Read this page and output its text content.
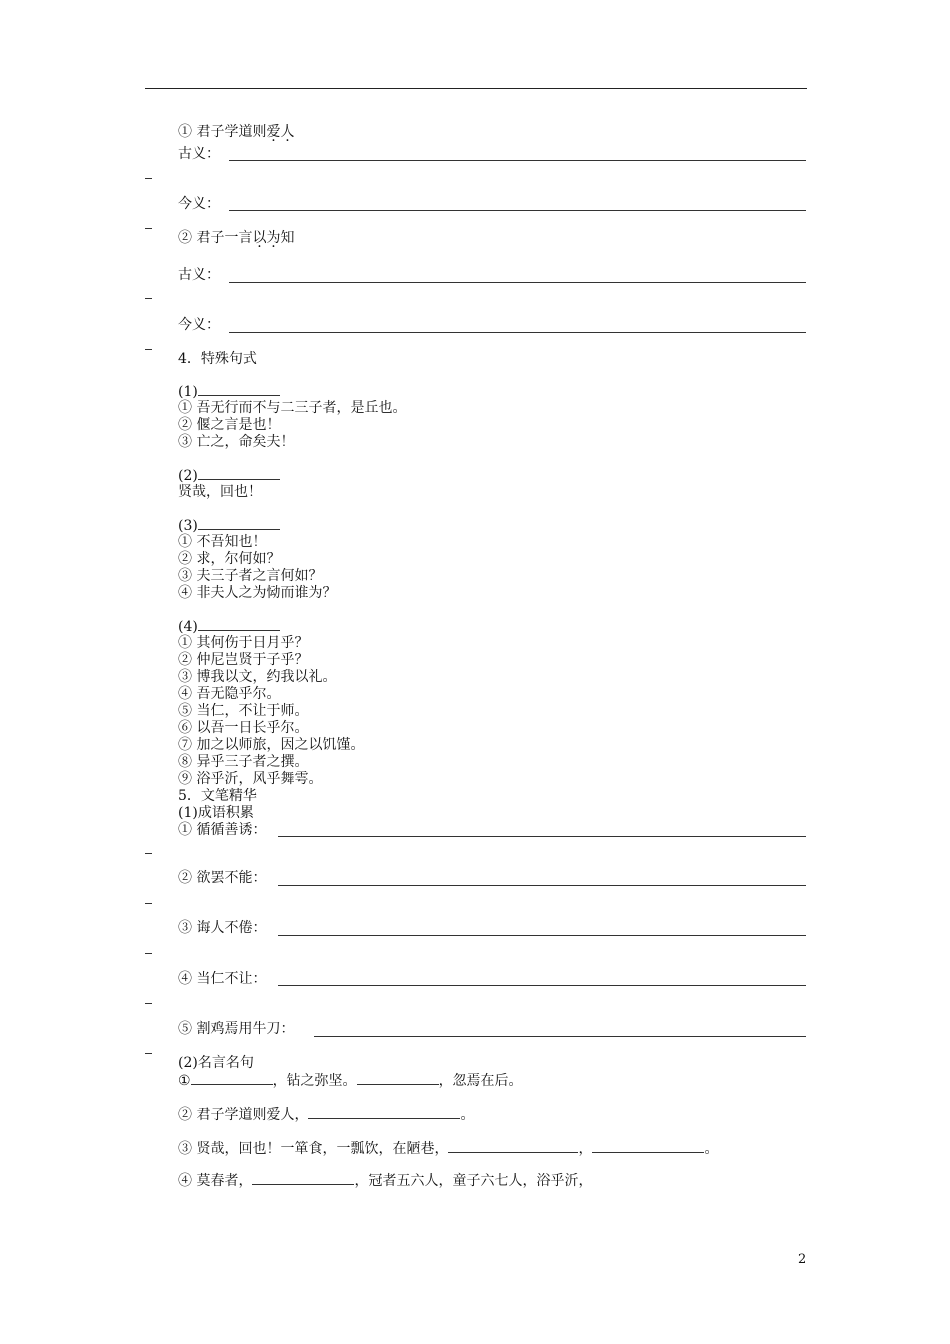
① 君子学道则爱人
古义：
今义：
② 君子一言以为知
古义：
今义：
4．特殊句式
(1)
① 吾无行而不与二三子者，是丘也。
② 偃之言是也！
③ 亡之，命矣夫！
(2)
贤哉，回也！
(3)
① 不吾知也！
② 求，尔何如？
③ 夫三子者之言何如？
④ 非夫人之为恸而谁为？
(4)
① 其何伤于日月乎？
② 仲尼岂贤于子乎？
③ 博我以文，约我以礼。
④ 吾无隐乎尔。
⑤ 当仁，不让于师。
⑥ 以吾一日长乎尔。
⑦ 加之以师旅，因之以饥馑。
⑧ 异乎三子者之撰。
⑨ 浴乎沂，风乎舞雩。
5．文笔精华
(1)成语积累
① 循循善诱：
② 欲罢不能：
③ 诲人不倦：
④ 当仁不让：
⑤ 割鸡焉用牛刀：
(2)名言名句
①	，钻之弥坚。	，忽焉在后。
② 君子学道则爱人，	。
③ 贤哉，回也！一箪食，一瓢饮，在陋巷，	，	。
④ 莫春者，	，冠者五六人，童子六七人，浴乎沂，
2
